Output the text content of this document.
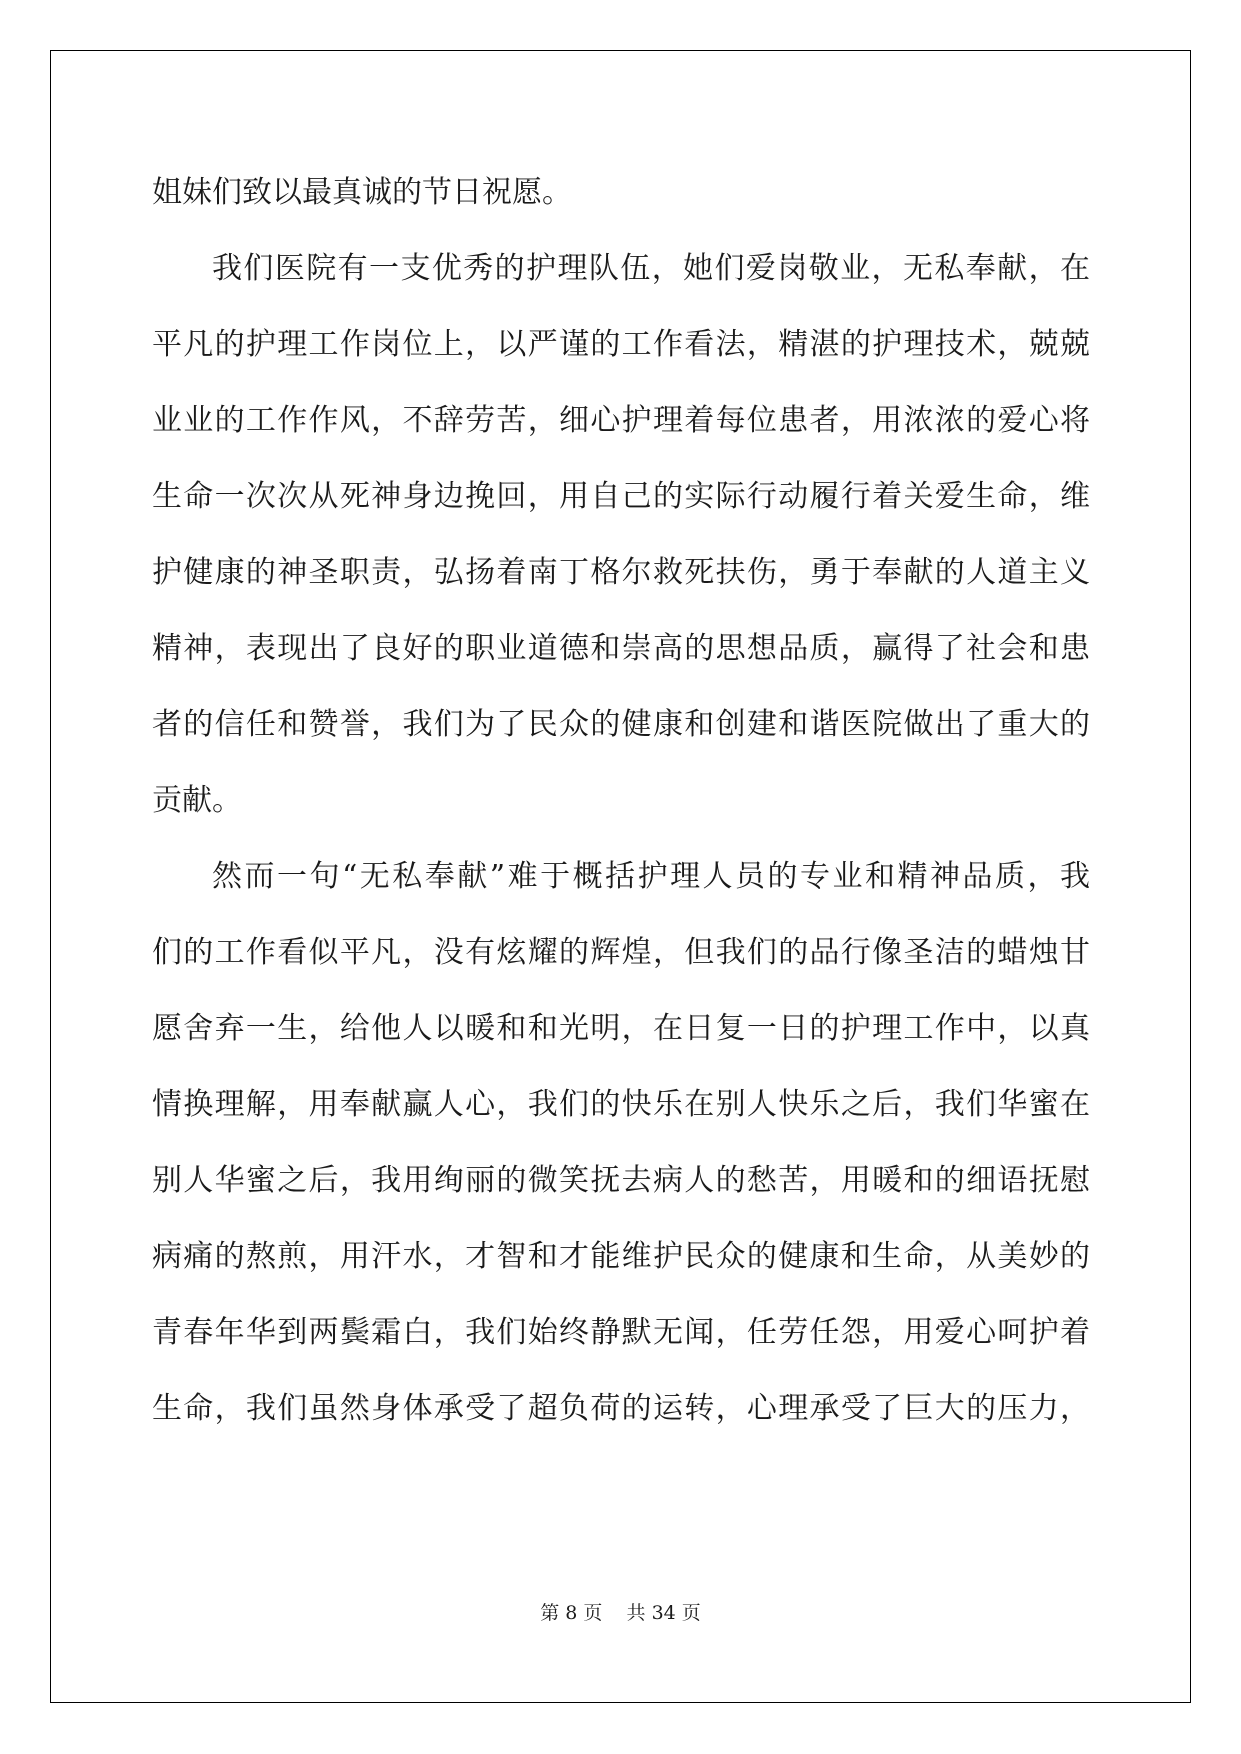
姐妹们致以最真诚的节日祝愿。
我们医院有一支优秀的护理队伍，她们爱岗敬业，无私奉献，在
平凡的护理工作岗位上，以严谨的工作看法，精湛的护理技术，兢兢
业业的工作作风，不辞劳苦，细心护理着每位患者，用浓浓的爱心将
生命一次次从死神身边挽回，用自己的实际行动履行着关爱生命，维
护健康的神圣职责，弘扬着南丁格尔救死扶伤，勇于奉献的人道主义
精神，表现出了良好的职业道德和崇高的思想品质，赢得了社会和患
者的信任和赞誉，我们为了民众的健康和创建和谐医院做出了重大的
贡献。
然而一句“无私奉献”难于概括护理人员的专业和精神品质，我
们的工作看似平凡，没有炫耀的辉煌，但我们的品行像圣洁的蜡烛甘
愿舍弃一生，给他人以暖和和光明，在日复一日的护理工作中，以真
情换理解，用奉献赢人心，我们的快乐在别人快乐之后，我们华蜜在
别人华蜜之后，我用绚丽的微笑抚去病人的愁苦，用暖和的细语抚慰
病痛的熬煎，用汗水，才智和才能维护民众的健康和生命，从美妙的
青春年华到两鬓霜白，我们始终静默无闻，任劳任怨，用爱心呵护着
生命，我们虽然身体承受了超负荷的运转，心理承受了巨大的压力，
第 8 页 共 34 页
